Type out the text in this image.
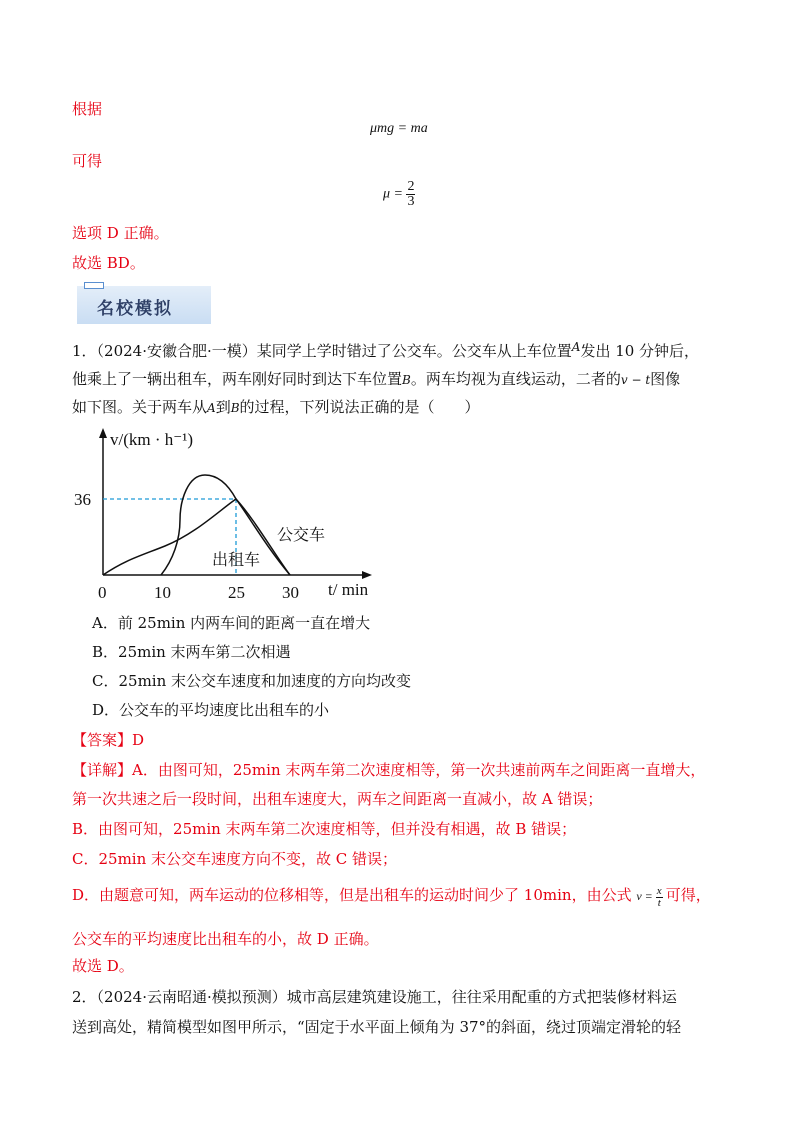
根据
μmg = ma
可得
$\mu = \frac{2}{3}$
选项 D 正确。
故选 BD。
名校模拟
1．（2024·安徽合肥·一模）某同学上学时错过了公交车。公交车从上车位置$^A$发出 10 分钟后，
他乘上了一辆出租车，两车刚好同时到达下车位置B。两车均视为直线运动，二者的v − t图像
如下图。关于两车从A到B的过程，下列说法正确的是（　　）
v/(km · h⁻¹)
t/ min
36
0	10	25 30
公交车
出租车
A．前 25min 内两车间的距离一直在增大
B．25min 末两车第二次相遇
C．25min 末公交车速度和加速度的方向均改变
D．公交车的平均速度比出租车的小
【答案】D
【详解】A．由图可知，25min 末两车第二次速度相等，第一次共速前两车之间距离一直增大，
第一次共速之后一段时间，出租车速度大，两车之间距离一直减小，故 A 错误；
B．由图可知，25min 末两车第二次速度相等，但并没有相遇，故 B 错误；
C．25min 末公交车速度方向不变，故 C 错误；
D．由题意可知，两车运动的位移相等，但是出租车的运动时间少了 10min，由公式 $v = \frac{x}{t}$ 可得，
公交车的平均速度比出租车的小，故 D 正确。
故选 D。
2．（2024·云南昭通·模拟预测）城市高层建筑建设施工，往往采用配重的方式把装修材料运
送到高处，精简模型如图甲所示，“固定于水平面上倾角为 37°的斜面，绕过顶端定滑轮的轻
